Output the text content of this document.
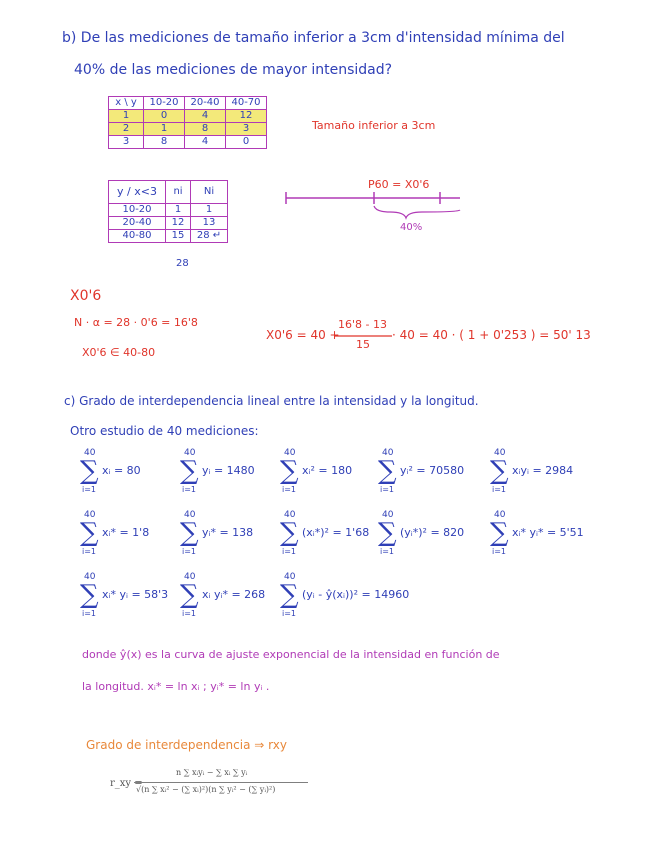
b) De las mediciones de tamaño inferior a 3cm d'intensidad mínima del
40% de las mediciones de mayor intensidad?
x \ y	10-20	20-40	40-70
1	0	4	12
2	1	8	3
3	8	4	0
Tamaño inferior a 3cm
y / x<3	ni	Ni
10-20	1	1
20-40	12	13
40-80	15	28 ↵
28
P60 = X0'6
40%
X0'6
N · α = 28 · 0'6 = 16'8
X0'6 ∈ 40-80
X0'6 = 40 +
16'8 - 13
15
· 40 = 40 · ( 1 + 0'253 ) = 50' 13
c) Grado de interdependencia lineal entre la intensidad y la longitud.
Otro estudio de 40 mediciones:
40
∑
i=1
xᵢ = 80
40
∑
i=1
yᵢ = 1480
40
∑
i=1
xᵢ² = 180
40
∑
i=1
yᵢ² = 70580
40
∑
i=1
xᵢyᵢ = 2984
40
∑
i=1
xᵢ* = 1'8
40
∑
i=1
yᵢ* = 138
40
∑
i=1
(xᵢ*)² = 1'68
40
∑
i=1
(yᵢ*)² = 820
40
∑
i=1
xᵢ* yᵢ* = 5'51
40
∑
i=1
xᵢ* yᵢ = 58'3
40
∑
i=1
xᵢ yᵢ* = 268
40
∑
i=1
(yᵢ - ŷ(xᵢ))² = 14960
donde ŷ(x) es la curva de ajuste exponencial de la intensidad en función de
la longitud. xᵢ* = ln xᵢ ; yᵢ* = ln yᵢ .
Grado de interdependencia ⇒ rxy
r_xy =
n ∑ xᵢyᵢ − ∑ xᵢ ∑ yᵢ
√(n ∑ xᵢ² − (∑ xᵢ)²)(n ∑ yᵢ² − (∑ yᵢ)²)
